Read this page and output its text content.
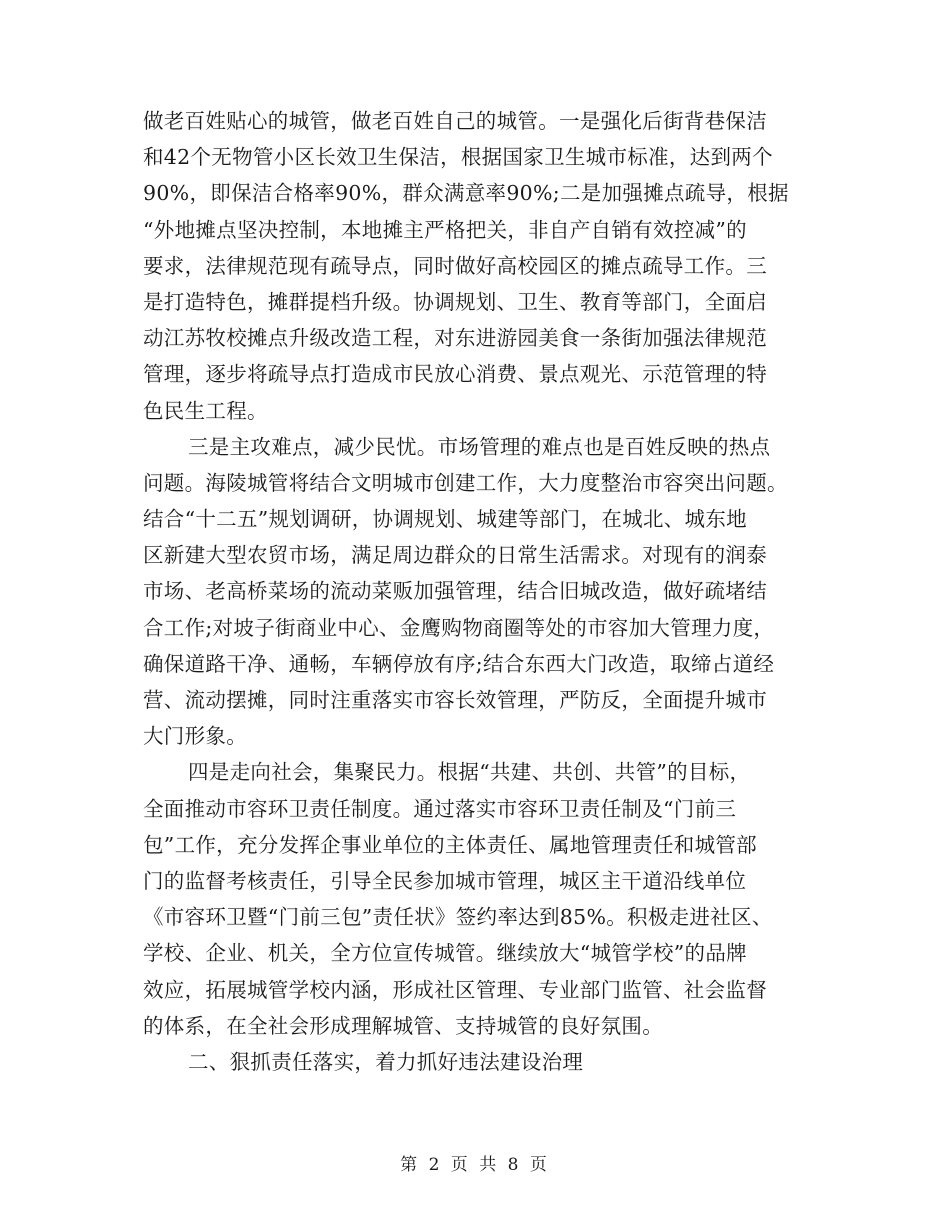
做老百姓贴心的城管，做老百姓自己的城管。一是强化后街背巷保洁
和42个无物管小区长效卫生保洁，根据国家卫生城市标准，达到两个
90%，即保洁合格率90%，群众满意率90%;二是加强摊点疏导，根据
“外地摊点坚决控制，本地摊主严格把关，非自产自销有效控减”的
要求，法律规范现有疏导点，同时做好高校园区的摊点疏导工作。三
是打造特色，摊群提档升级。协调规划、卫生、教育等部门，全面启
动江苏牧校摊点升级改造工程，对东进游园美食一条街加强法律规范
管理，逐步将疏导点打造成市民放心消费、景点观光、示范管理的特
色民生工程。
三是主攻难点，减少民忧。市场管理的难点也是百姓反映的热点
问题。海陵城管将结合文明城市创建工作，大力度整治市容突出问题。
结合“十二五”规划调研，协调规划、城建等部门，在城北、城东地
区新建大型农贸市场，满足周边群众的日常生活需求。对现有的润泰
市场、老高桥菜场的流动菜贩加强管理，结合旧城改造，做好疏堵结
合工作;对坡子街商业中心、金鹰购物商圈等处的市容加大管理力度，
确保道路干净、通畅，车辆停放有序;结合东西大门改造，取缔占道经
营、流动摆摊，同时注重落实市容长效管理，严防反，全面提升城市
大门形象。
四是走向社会，集聚民力。根据“共建、共创、共管”的目标，
全面推动市容环卫责任制度。通过落实市容环卫责任制及“门前三
包”工作，充分发挥企事业单位的主体责任、属地管理责任和城管部
门的监督考核责任，引导全民参加城市管理，城区主干道沿线单位
《市容环卫暨“门前三包”责任状》签约率达到85%。积极走进社区、
学校、企业、机关，全方位宣传城管。继续放大“城管学校”的品牌
效应，拓展城管学校内涵，形成社区管理、专业部门监管、社会监督
的体系，在全社会形成理解城管、支持城管的良好氛围。
二、狠抓责任落实，着力抓好违法建设治理
第 2 页 共 8 页
